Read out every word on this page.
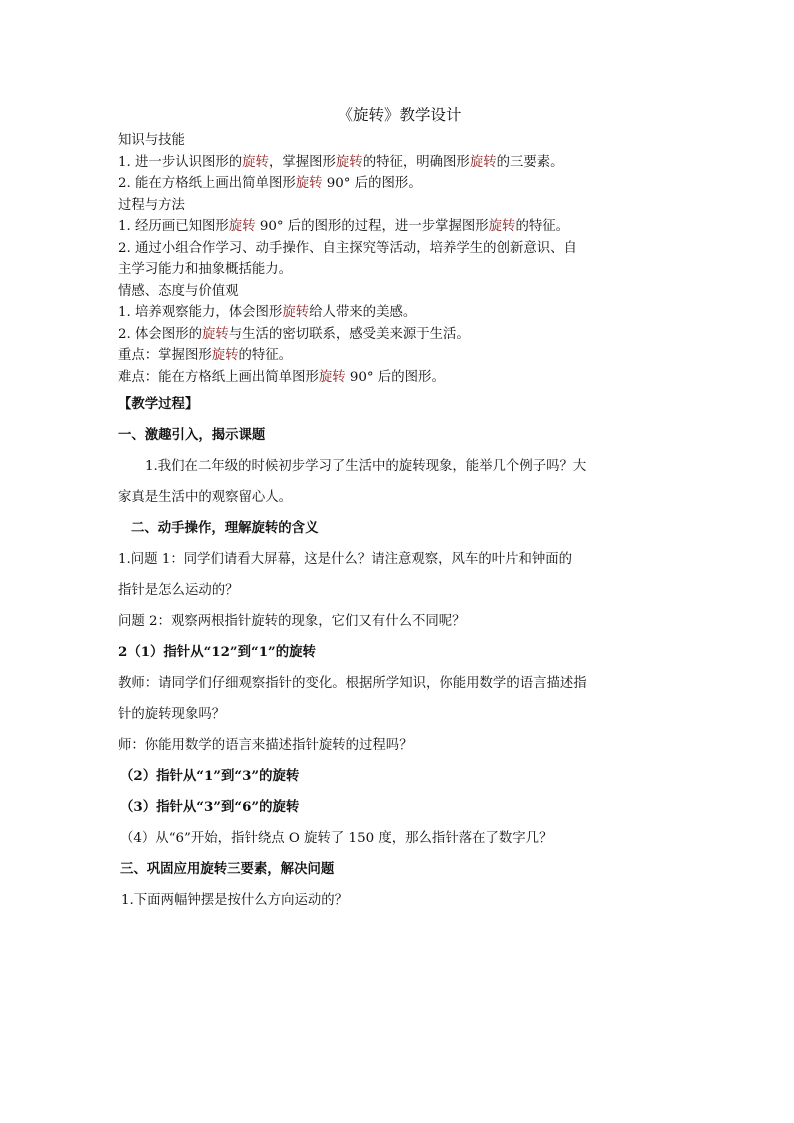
《旋转》教学设计
知识与技能
1. 进一步认识图形的旋转，掌握图形旋转的特征，明确图形旋转的三要素。
2. 能在方格纸上画出简单图形旋转 90° 后的图形。
过程与方法
1. 经历画已知图形旋转 90° 后的图形的过程，进一步掌握图形旋转的特征。
2. 通过小组合作学习、动手操作、自主探究等活动，培养学生的创新意识、自
主学习能力和抽象概括能力。
情感、态度与价值观
1. 培养观察能力，体会图形旋转给人带来的美感。
2. 体会图形的旋转与生活的密切联系，感受美来源于生活。
重点：掌握图形旋转的特征。
难点：能在方格纸上画出简单图形旋转 90° 后的图形。
【教学过程】
一、激趣引入，揭示课题
1.我们在二年级的时候初步学习了生活中的旋转现象，能举几个例子吗？大
家真是生活中的观察留心人。
二、动手操作，理解旋转的含义
1.问题 1：同学们请看大屏幕，这是什么？请注意观察，风车的叶片和钟面的
指针是怎么运动的？
问题 2：观察两根指针旋转的现象，它们又有什么不同呢？
2（1）指针从“12”到“1”的旋转
教师：请同学们仔细观察指针的变化。根据所学知识，你能用数学的语言描述指
针的旋转现象吗？
师：你能用数学的语言来描述指针旋转的过程吗？
（2）指针从“1”到“3”的旋转
（3）指针从“3”到“6”的旋转
（4）从“6”开始，指针绕点 O 旋转了 150 度，那么指针落在了数字几？
三、巩固应用旋转三要素，解决问题
1.下面两幅钟摆是按什么方向运动的？
